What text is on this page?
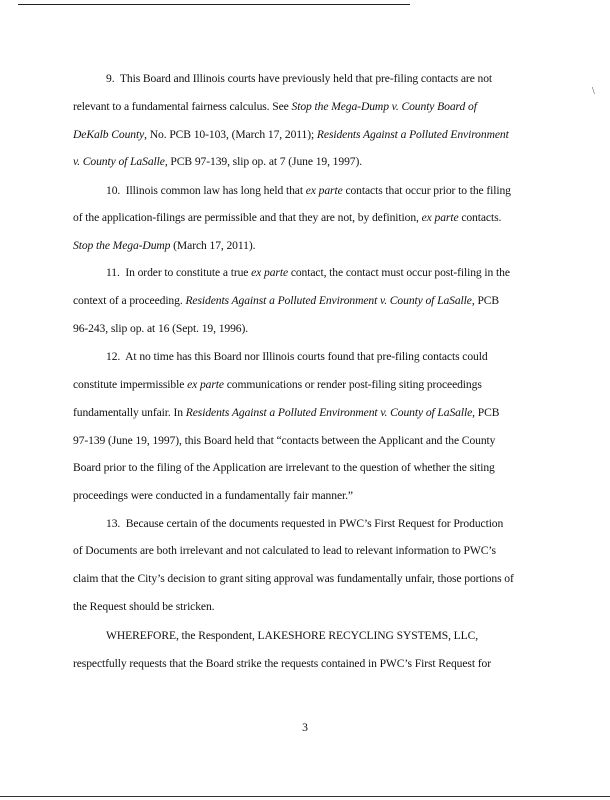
\
9.  This Board and Illinois courts have previously held that pre-filing contacts are not
relevant to a fundamental fairness calculus. See Stop the Mega-Dump v. County Board of
DeKalb County, No. PCB 10-103, (March 17, 2011); Residents Against a Polluted Environment
v. County of LaSalle, PCB 97-139, slip op. at 7 (June 19, 1997).
10.  Illinois common law has long held that ex parte contacts that occur prior to the filing
of the application-filings are permissible and that they are not, by definition, ex parte contacts.
Stop the Mega-Dump (March 17, 2011).
11.  In order to constitute a true ex parte contact, the contact must occur post-filing in the
context of a proceeding. Residents Against a Polluted Environment v. County of LaSalle, PCB
96-243, slip op. at 16 (Sept. 19, 1996).
12.  At no time has this Board nor Illinois courts found that pre-filing contacts could
constitute impermissible ex parte communications or render post-filing siting proceedings
fundamentally unfair. In Residents Against a Polluted Environment v. County of LaSalle, PCB
97-139 (June 19, 1997), this Board held that “contacts between the Applicant and the County
Board prior to the filing of the Application are irrelevant to the question of whether the siting
proceedings were conducted in a fundamentally fair manner.”
13.  Because certain of the documents requested in PWC’s First Request for Production
of Documents are both irrelevant and not calculated to lead to relevant information to PWC’s
claim that the City’s decision to grant siting approval was fundamentally unfair, those portions of
the Request should be stricken.
WHEREFORE, the Respondent, LAKESHORE RECYCLING SYSTEMS, LLC,
respectfully requests that the Board strike the requests contained in PWC’s First Request for
3
